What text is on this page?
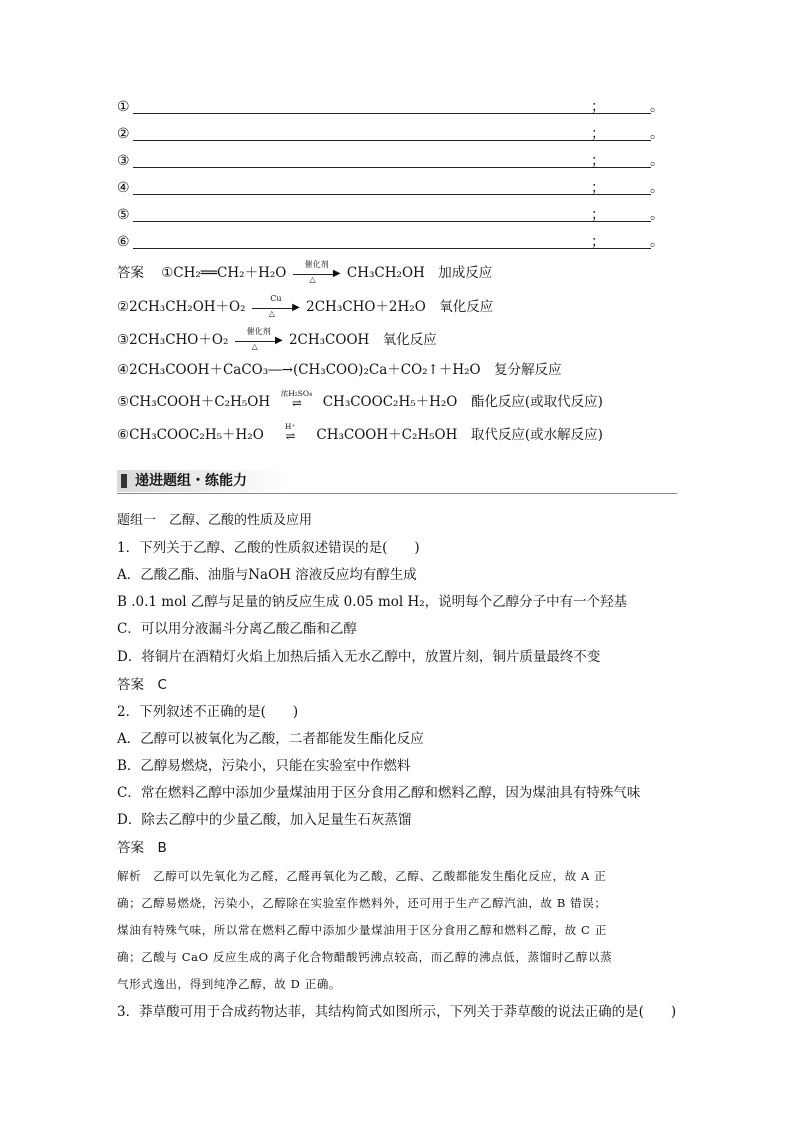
①	；	。
②	；	。
③	；	。
④	；	。
⑤	；	。
⑥	；	。
答案 ①CH₂══CH₂＋H₂O
催化剂
▶
△	CH₃CH₂OH　加成反应
②2CH₃CH₂OH＋O₂
Cu
▶
△	2CH₃CHO＋2H₂O　氧化反应
③2CH₃CHO＋O₂
催化剂
▶
△	2CH₃COOH　氧化反应
④2CH₃COOH＋CaCO₃―→(CH₃COO)₂Ca＋CO₂↑＋H₂O　复分解反应
⑤CH₃COOH＋C₂H₅OH
浓H₂SO₄
⇌	CH₃COOC₂H₅＋H₂O　酯化反应(或取代反应)
⑥CH₃COOC₂H₅＋H₂O
H⁺
⇌	CH₃COOH＋C₂H₅OH　取代反应(或水解反应)
递进题组・练能力
题组一　乙醇、乙酸的性质及应用
1．下列关于乙醇、乙酸的性质叙述错误的是(　　)
A．乙酸乙酯、油脂与NaOH 溶液反应均有醇生成
B .0.1 mol 乙醇与足量的钠反应生成 0.05 mol H₂，说明每个乙醇分子中有一个羟基
C．可以用分液漏斗分离乙酸乙酯和乙醇
D．将铜片在酒精灯火焰上加热后插入无水乙醇中，放置片刻，铜片质量最终不变
答案　C
2．下列叙述不正确的是(　　)
A．乙醇可以被氧化为乙酸，二者都能发生酯化反应
B．乙醇易燃烧，污染小，只能在实验室中作燃料
C．常在燃料乙醇中添加少量煤油用于区分食用乙醇和燃料乙醇，因为煤油具有特殊气味
D．除去乙醇中的少量乙酸，加入足量生石灰蒸馏
答案　B
解析　乙醇可以先氧化为乙醛，乙醛再氧化为乙酸，乙醇、乙酸都能发生酯化反应，故 A 正
确；乙醇易燃烧，污染小，乙醇除在实验室作燃料外，还可用于生产乙醇汽油，故 B 错误；
煤油有特殊气味，所以常在燃料乙醇中添加少量煤油用于区分食用乙醇和燃料乙醇，故 C 正
确；乙酸与 CaO 反应生成的离子化合物醋酸钙沸点较高，而乙醇的沸点低，蒸馏时乙醇以蒸
气形式逸出，得到纯净乙醇，故 D 正确。
3．莽草酸可用于合成药物达菲，其结构简式如图所示，下列关于莽草酸的说法正确的是(　　)
